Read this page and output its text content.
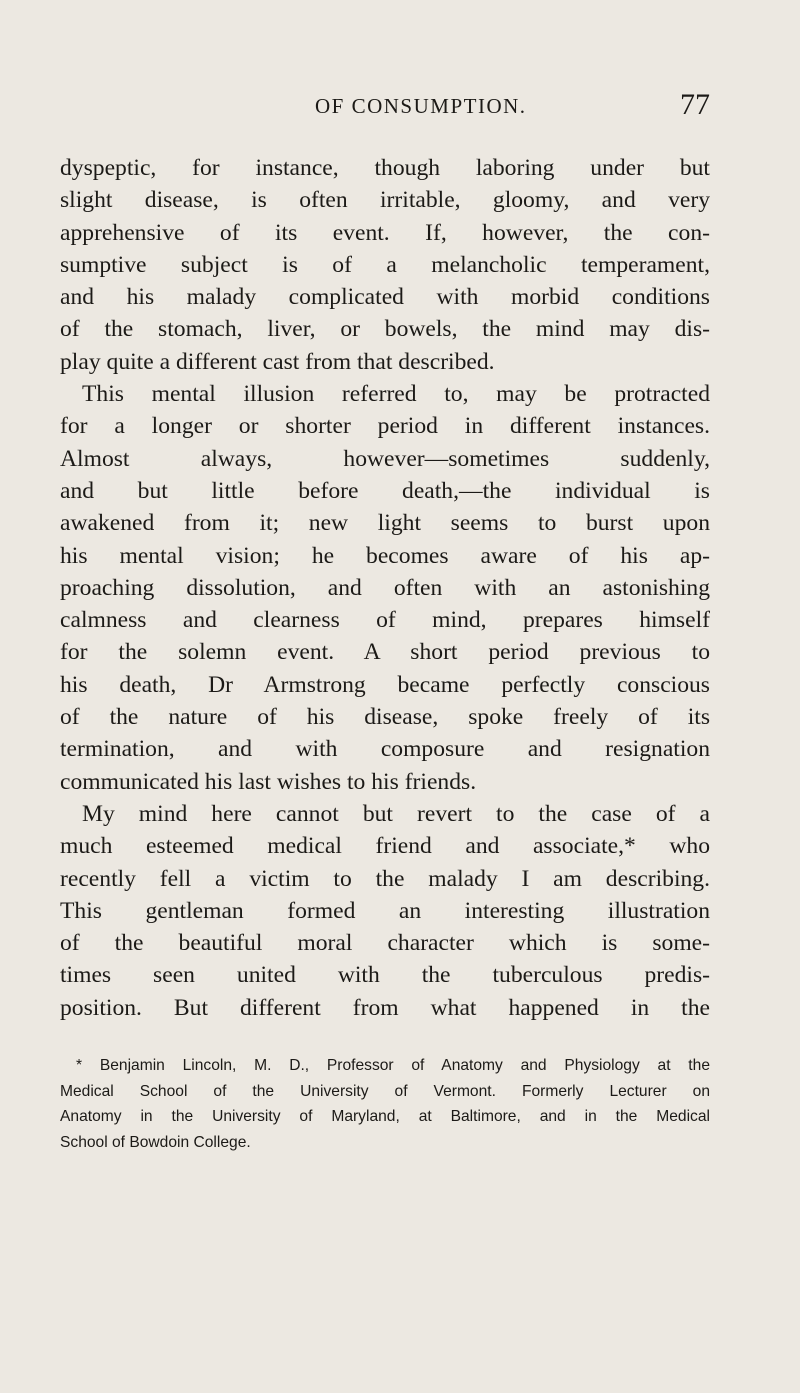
OF CONSUMPTION.	77
dyspeptic, for instance, though laboring under but
slight disease, is often irritable, gloomy, and very
apprehensive of its event. If, however, the con-
sumptive subject is of a melancholic temperament,
and his malady complicated with morbid conditions
of the stomach, liver, or bowels, the mind may dis-
play quite a different cast from that described.
This mental illusion referred to, may be protracted
for a longer or shorter period in different instances.
Almost always, however—sometimes suddenly,
and but little before death,—the individual is
awakened from it; new light seems to burst upon
his mental vision; he becomes aware of his ap-
proaching dissolution, and often with an astonishing
calmness and clearness of mind, prepares himself
for the solemn event. A short period previous to
his death, Dr Armstrong became perfectly conscious
of the nature of his disease, spoke freely of its
termination, and with composure and resignation
communicated his last wishes to his friends.
My mind here cannot but revert to the case of a
much esteemed medical friend and associate,* who
recently fell a victim to the malady I am describing.
This gentleman formed an interesting illustration
of the beautiful moral character which is some-
times seen united with the tuberculous predis-
position. But different from what happened in the
* Benjamin Lincoln, M. D., Professor of Anatomy and Physiology at the
Medical School of the University of Vermont. Formerly Lecturer on
Anatomy in the University of Maryland, at Baltimore, and in the Medical
School of Bowdoin College.
